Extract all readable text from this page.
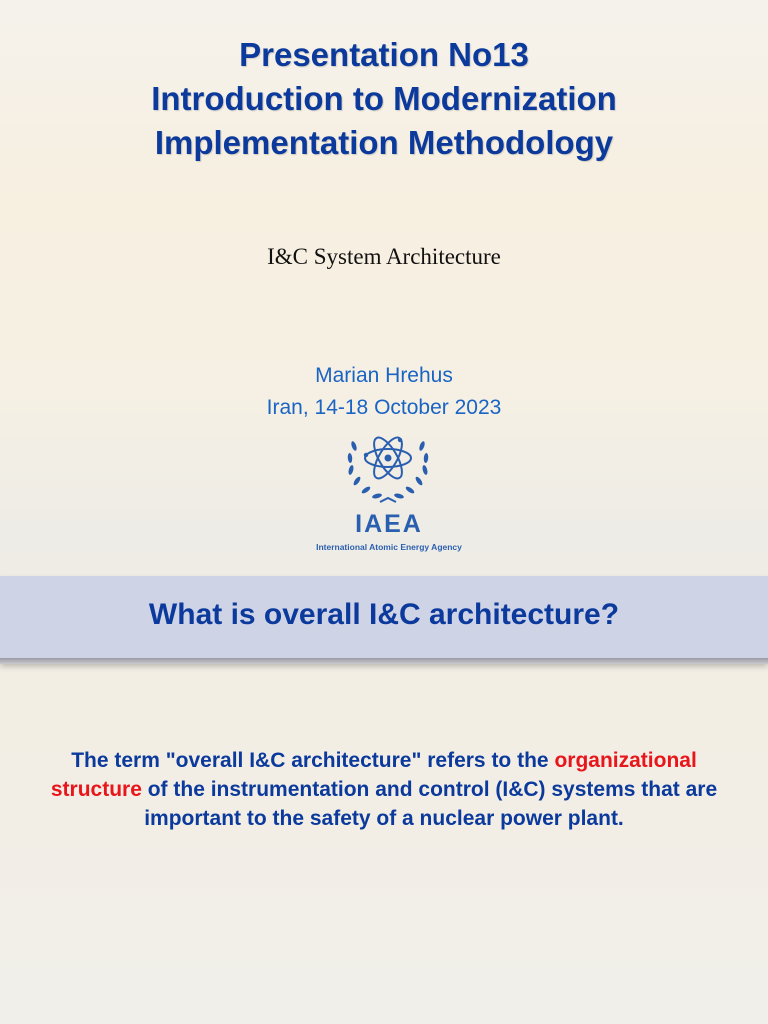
Presentation No13
Introduction to Modernization
Implementation Methodology
I&C System Architecture
Marian Hrehus
Iran, 14-18 October 2023
IAEA
International Atomic Energy Agency
What is overall I&C architecture?
The term "overall I&C architecture" refers to the organizational structure of the instrumentation and control (I&C) systems that are important to the safety of a nuclear power plant.
